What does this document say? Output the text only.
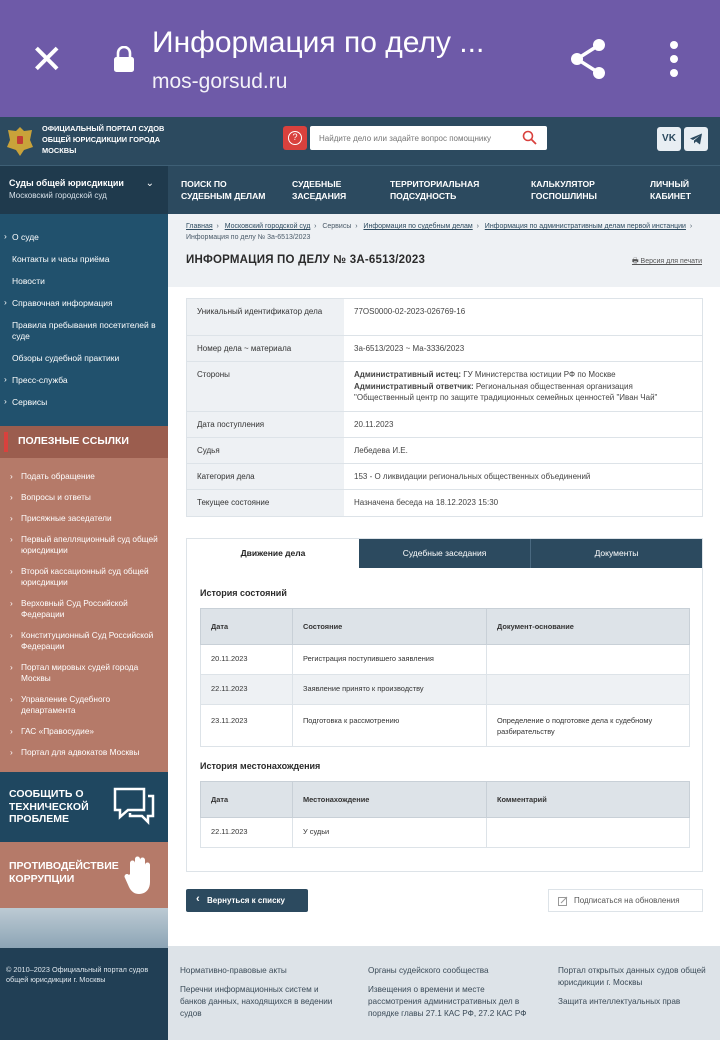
✕	Информация по делу ...
mos-gorsud.ru
ОФИЦИАЛЬНЫЙ ПОРТАЛ СУДОВ ОБЩЕЙ ЮРИСДИКЦИИ ГОРОДА МОСКВЫ
?
Найдите дело или задайте вопрос помощнику	VK
Суды общей юрисдикции
Московский городской суд
⌄	ПОИСК ПО СУДЕБНЫМ ДЕЛАМ
СУДЕБНЫЕ ЗАСЕДАНИЯ
ТЕРРИТОРИАЛЬНАЯ ПОДСУДНОСТЬ
КАЛЬКУЛЯТОР ГОСПОШЛИНЫ
ЛИЧНЫЙ КАБИНЕТ
› О суде
Контакты и часы приёма
Новости
› Справочная информация
Правила пребывания посетителей в суде
Обзоры судебной практики
› Пресс-служба
› Сервисы
ПОЛЕЗНЫЕ ССЫЛКИ
› Подать обращение
› Вопросы и ответы
› Присяжные заседатели
› Первый апелляционный суд общей юрисдикции
› Второй кассационный суд общей юрисдикции
› Верховный Суд Российской Федерации
› Конституционный Суд Российской Федерации
› Портал мировых судей города Москвы
› Управление Судебного департамента
› ГАС «Правосудие»
› Портал для адвокатов Москвы
СООБЩИТЬ О ТЕХНИЧЕСКОЙ ПРОБЛЕМЕ
ПРОТИВОДЕЙСТВИЕ КОРРУПЦИИ
© 2010–2023 Официальный портал судов общей юрисдикции г. Москвы
Главная  ›   Московский городской суд  ›   Сервисы  ›   Информация по судебным делам  ›   Информация по административным делам первой инстанции  ›   Информация по делу № 3а-6513/2023
ИНФОРМАЦИЯ ПО ДЕЛУ № 3А-6513/2023	🖶 Версия для печати
Уникальный идентификатор дела	77OS0000-02-2023-026769-16
Номер дела ~ материала	3а-6513/2023 ~ Ма-3336/2023
Стороны	Административный истец: ГУ Министерства юстиции РФ по Москве
Административный ответчик: Региональная общественная организация "Общественный центр по защите традиционных семейных ценностей "Иван Чай"
Дата поступления	20.11.2023
Судья	Лебедева И.Е.
Категория дела	153 - О ликвидации региональных общественных объединений
Текущее состояние	Назначена беседа на 18.12.2023 15:30
Движение дела	Судебные заседания	Документы
История состояний
Дата	Состояние	Документ-основание
20.11.2023	Регистрация поступившего заявления	
22.11.2023	Заявление принято к производству	
23.11.2023	Подготовка к рассмотрению	Определение о подготовке дела к судебному разбирательству
История местонахождения
Дата	Местонахождение	Комментарий
22.11.2023	У судьи	
‹ Вернуться к списку	Подписаться на обновления

Нормативно-правовые акты

Перечни информационных систем и банков данных, находящихся в ведении судов

Органы судейского сообщества

Извещения о времени и месте рассмотрения административных дел в порядке главы 27.1 КАС РФ, 27.2 КАС РФ

Портал открытых данных судов общей юрисдикции г. Москвы

Защита интеллектуальных прав
